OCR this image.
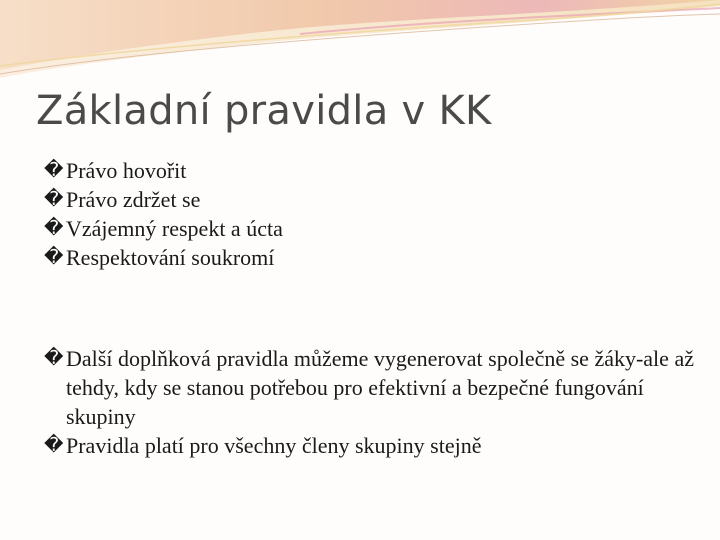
Základní pravidla v KK
� Právo hovořit
� Právo zdržet se
� Vzájemný respekt a úcta
� Respektování soukromí
� Další doplňková pravidla můžeme vygenerovat společně se žáky-ale až tehdy, kdy se stanou potřebou pro efektivní a bezpečné fungování skupiny
� Pravidla platí pro všechny členy skupiny stejně
